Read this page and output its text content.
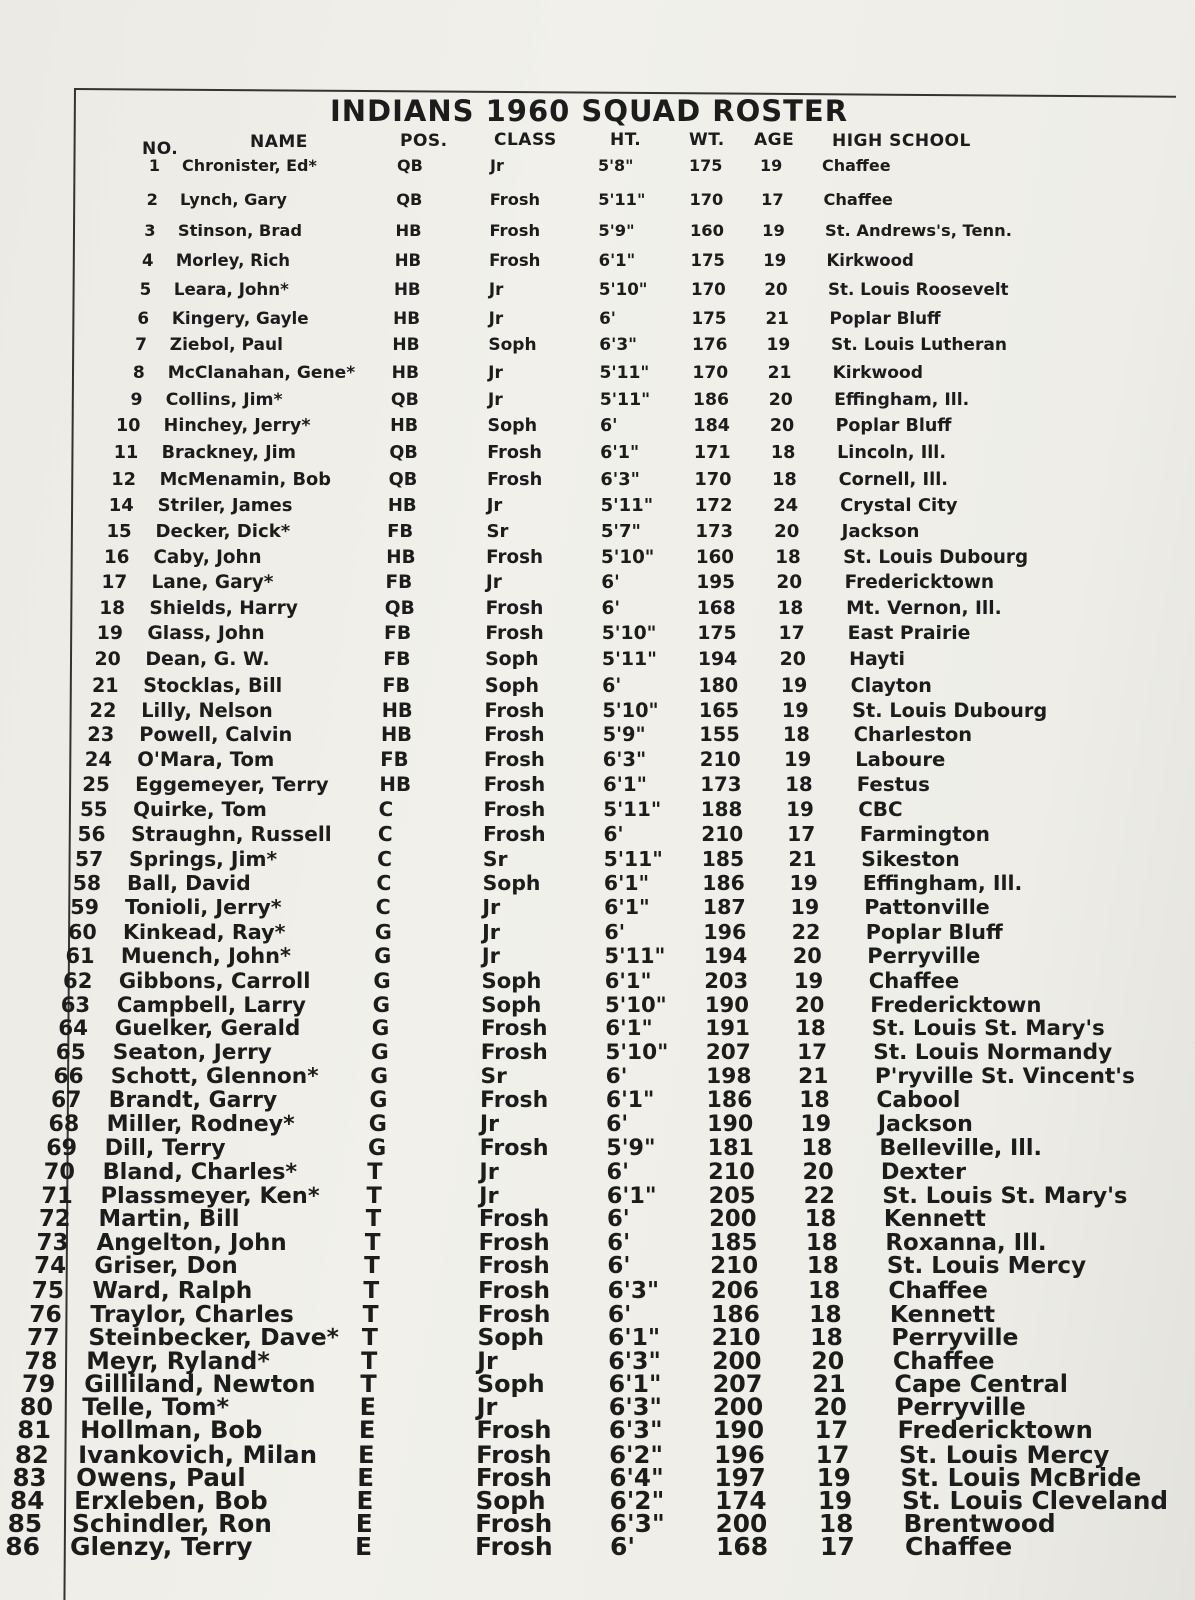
INDIANS 1960 SQUAD ROSTER
NO.	NAME	POS.	CLASS	HT.	WT. AGE HIGH SCHOOL
1 Chronister, Ed*	QB	Jr	5'8"	175 19 Chaffee
2 Lynch, Gary	QB	Frosh	5'11"	170 17 Chaffee
3 Stinson, Brad	HB	Frosh	5'9"	160 19 St. Andrews's, Tenn.
4 Morley, Rich	HB	Frosh	6'1"	175 19 Kirkwood
5 Leara, John*	HB	Jr	5'10"	170 20 St. Louis Roosevelt
6 Kingery, Gayle	HB	Jr	6'	175 21 Poplar Bluff
7 Ziebol, Paul	HB	Soph	6'3"	176 19 St. Louis Lutheran
8 McClanahan, Gene* HB	Jr	5'11"	170 21 Kirkwood
9 Collins, Jim*	QB	Jr	5'11" 186 20 Effingham, Ill.
10 Hinchey, Jerry*	HB	Soph	6'	184 20 Poplar Bluff
11 Brackney, Jim	QB	Frosh	6'1"	171 18 Lincoln, Ill.
12 McMenamin, Bob	QB	Frosh	6'3"	170 18 Cornell, Ill.
14 Striler, James	HB	Jr	5'11" 172 24 Crystal City
15 Decker, Dick*	FB	Sr	5'7"	173 20 Jackson
16 Caby, John	HB	Frosh	5'10" 160 18 St. Louis Dubourg
17 Lane, Gary*	FB	Jr	6'	195 20 Fredericktown
18 Shields, Harry	QB	Frosh	6'	168 18 Mt. Vernon, Ill.
19 Glass, John	FB	Frosh	5'10" 175 17 East Prairie
20 Dean, G. W.	FB	Soph	5'11" 194 20 Hayti
21 Stocklas, Bill	FB	Soph	6'	180 19 Clayton
22 Lilly, Nelson	HB	Frosh	5'10" 165 19 St. Louis Dubourg
23 Powell, Calvin	HB	Frosh	5'9"	155 18 Charleston
24 O'Mara, Tom	FB	Frosh	6'3"	210 19 Laboure
25 Eggemeyer, Terry	HB	Frosh	6'1"	173 18 Festus
55 Quirke, Tom	C	Frosh	5'11" 188 19 CBC
56 Straughn, Russell C	Frosh	6'	210 17 Farmington
57 Springs, Jim*	C	Sr	5'11" 185 21 Sikeston
58 Ball, David	C	Soph	6'1"	186 19 Effingham, Ill.
59 Tonioli, Jerry*	C	Jr	6'1"	187 19 Pattonville
60 Kinkead, Ray*	G	Jr	6'	196 22 Poplar Bluff
61 Muench, John*	G	Jr	5'11" 194 20 Perryville
62 Gibbons, Carroll	G	Soph	6'1" 203 19 Chaffee
63 Campbell, Larry	G	Soph	5'10" 190 20 Fredericktown
64 Guelker, Gerald	G	Frosh	6'1" 191 18 St. Louis St. Mary's
65 Seaton, Jerry	G	Frosh	5'10" 207 17 St. Louis Normandy
66 Schott, Glennon* G	Sr	6'	198 21 P'ryville St. Vincent's
67 Brandt, Garry	G	Frosh	6'1" 186 18 Cabool
68 Miller, Rodney*	G	Jr	6'	190 19 Jackson
69 Dill, Terry	G	Frosh	5'9" 181 18 Belleville, Ill.
70 Bland, Charles*	T	Jr	6'	210 20 Dexter
71 Plassmeyer, Ken* T	Jr	6'1" 205 22 St. Louis St. Mary's
72 Martin, Bill	T	Frosh	6'	200 18 Kennett
73 Angelton, John	T	Frosh	6'	185 18 Roxanna, Ill.
74 Griser, Don	T	Frosh	6'	210 18 St. Louis Mercy
75 Ward, Ralph	T	Frosh 6'3" 206 18 Chaffee
76 Traylor, Charles	T	Frosh 6'	186 18 Kennett
77 Steinbecker, Dave* T	Soph	6'1" 210 18 Perryville
78 Meyr, Ryland*	T	Jr	6'3" 200 20 Chaffee
79 Gilliland, Newton T	Soph	6'1" 207 21 Cape Central
80 Telle, Tom*	E	Jr	6'3" 200 20 Perryville
81 Hollman, Bob	E	Frosh 6'3" 190 17 Fredericktown
82 Ivankovich, Milan E	Frosh 6'2" 196 17 St. Louis Mercy
83 Owens, Paul	E	Frosh 6'4" 197 19 St. Louis McBride
84 Erxleben, Bob	E	Soph	6'2" 174 19 St. Louis Cleveland
85 Schindler, Ron	E	Frosh 6'3" 200 18 Brentwood
86 Glenzy, Terry	E	Frosh 6'	168 17 Chaffee
